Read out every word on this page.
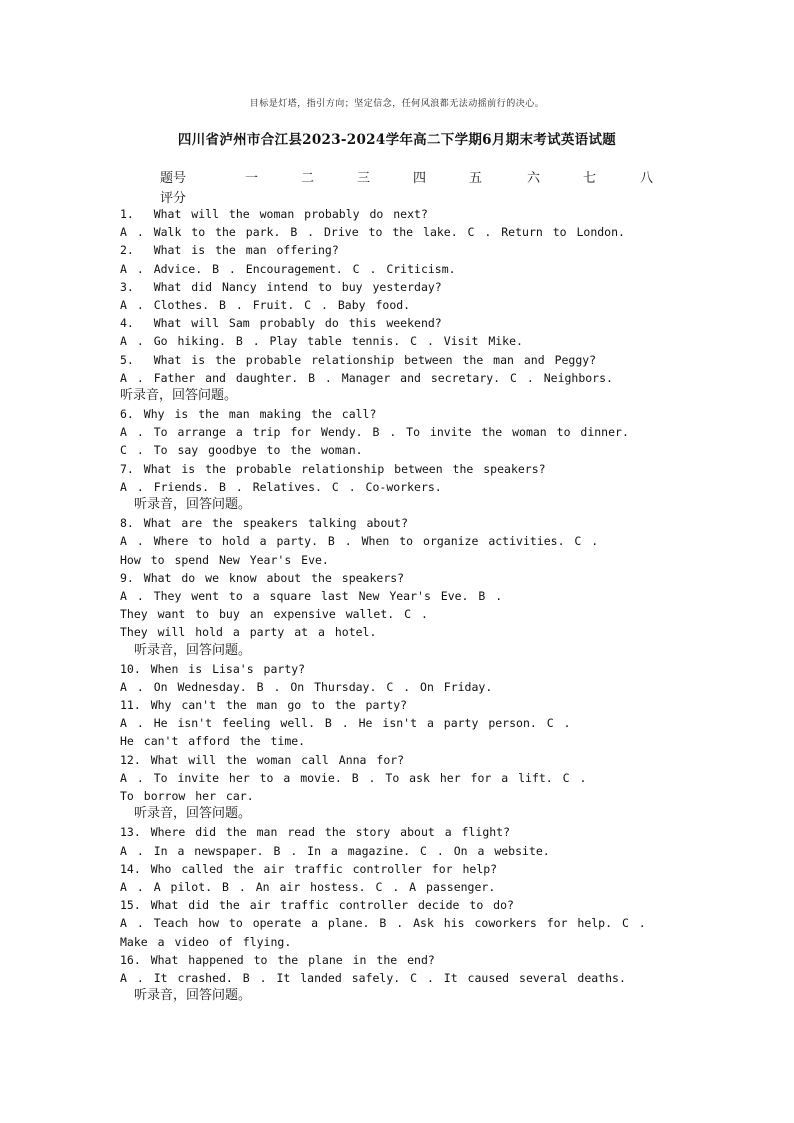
目标是灯塔，指引方向；坚定信念，任何风浪都无法动摇前行的决心。
四川省泸州市合江县2023-2024学年高二下学期6月期末考试英语试题
题号	一	二	三	四	五	六	七	八
评分
1.  What will the woman probably do next?
A . Walk to the park. B . Drive to the lake. C . Return to London.
2.  What is the man offering?
A . Advice. B . Encouragement. C . Criticism.
3.  What did Nancy intend to buy yesterday?
A . Clothes. B . Fruit. C . Baby food.
4.  What will Sam probably do this weekend?
A . Go hiking. B . Play table tennis. C . Visit Mike.
5.  What is the probable relationship between the man and Peggy?
A . Father and daughter. B . Manager and secretary. C . Neighbors.
听录音，回答问题。
6. Why is the man making the call?
A . To arrange a trip for Wendy. B . To invite the woman to dinner.
C . To say goodbye to the woman.
7. What is the probable relationship between the speakers?
A . Friends. B . Relatives. C . Co-workers.
听录音，回答问题。
8. What are the speakers talking about?
A . Where to hold a party. B . When to organize activities. C .
How to spend New Year's Eve.
9. What do we know about the speakers?
A . They went to a square last New Year's Eve. B .
They want to buy an expensive wallet. C .
They will hold a party at a hotel.
听录音，回答问题。
10. When is Lisa's party?
A . On Wednesday. B . On Thursday. C . On Friday.
11. Why can't the man go to the party?
A . He isn't feeling well. B . He isn't a party person. C .
He can't afford the time.
12. What will the woman call Anna for?
A . To invite her to a movie. B . To ask her for a lift. C .
To borrow her car.
听录音，回答问题。
13. Where did the man read the story about a flight?
A . In a newspaper. B . In a magazine. C . On a website.
14. Who called the air traffic controller for help?
A . A pilot. B . An air hostess. C . A passenger.
15. What did the air traffic controller decide to do?
A . Teach how to operate a plane. B . Ask his coworkers for help. C .
Make a video of flying.
16. What happened to the plane in the end?
A . It crashed. B . It landed safely. C . It caused several deaths.
听录音，回答问题。
